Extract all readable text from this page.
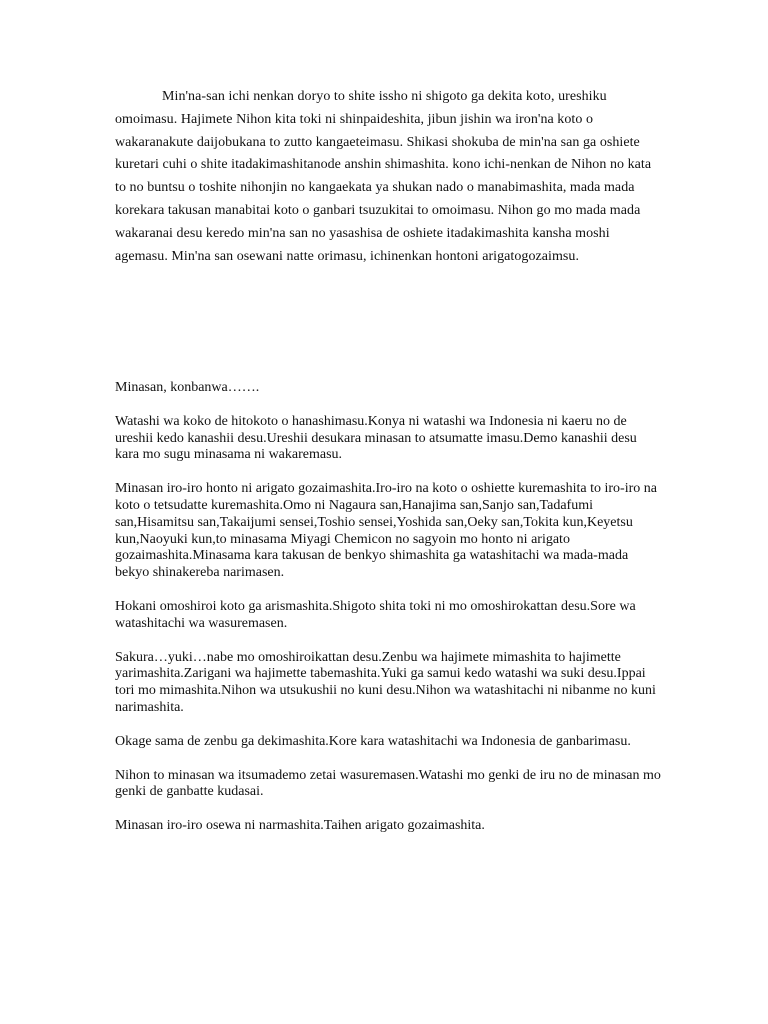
Min'na-san ichi nenkan doryo to shite issho ni shigoto ga dekita koto, ureshiku omoimasu. Hajimete Nihon kita toki ni shinpaideshita, jibun jishin wa iron'na koto o wakaranakute daijobukana to zutto kangaeteimasu. Shikasi shokuba de min'na san ga oshiete kuretari cuhi o shite itadakimashitanode anshin shimashita. kono ichi-nenkan de Nihon no kata to no buntsu o toshite nihonjin no kangaekata ya shukan nado o manabimashita, mada mada korekara takusan manabitai koto o ganbari tsuzukitai to omoimasu. Nihon go mo mada mada wakaranai desu keredo min'na san no yasashisa de oshiete itadakimashita kansha moshi agemasu. Min'na san osewani natte orimasu, ichinenkan hontoni arigatogozaimsu.

Minasan, konbanwa…….

Watashi wa koko de hitokoto o hanashimasu.Konya ni watashi wa Indonesia ni kaeru no de ureshii kedo kanashii desu.Ureshii desukara minasan to atsumatte imasu.Demo kanashii desu kara mo sugu minasama ni wakaremasu.

Minasan iro-iro honto ni arigato gozaimashita.Iro-iro na koto o oshiette kuremashita to iro-iro na koto o tetsudatte kuremashita.Omo ni Nagaura san,Hanajima san,Sanjo san,Tadafumi san,Hisamitsu san,Takaijumi sensei,Toshio sensei,Yoshida san,Oeky san,Tokita kun,Keyetsu kun,Naoyuki kun,to minasama Miyagi Chemicon no sagyoin mo honto ni arigato gozaimashita.Minasama kara takusan de benkyo shimashita ga watashitachi wa mada-mada bekyo shinakereba narimasen.

Hokani omoshiroi koto ga arismashita.Shigoto shita toki ni mo omoshirokattan desu.Sore wa watashitachi wa wasuremasen.

Sakura…yuki…nabe mo omoshiroikattan desu.Zenbu wa hajimete mimashita to hajimette yarimashita.Zarigani wa hajimette tabemashita.Yuki ga samui kedo watashi wa suki desu.Ippai tori mo mimashita.Nihon wa utsukushii no kuni desu.Nihon wa watashitachi ni nibanme no kuni narimashita.

Okage sama de zenbu ga dekimashita.Kore kara watashitachi wa Indonesia de ganbarimasu.

Nihon to minasan wa itsumademo zetai wasuremasen.Watashi mo genki de iru no de minasan mo genki de ganbatte kudasai.

Minasan iro-iro osewa ni narmashita.Taihen arigato gozaimashita.
